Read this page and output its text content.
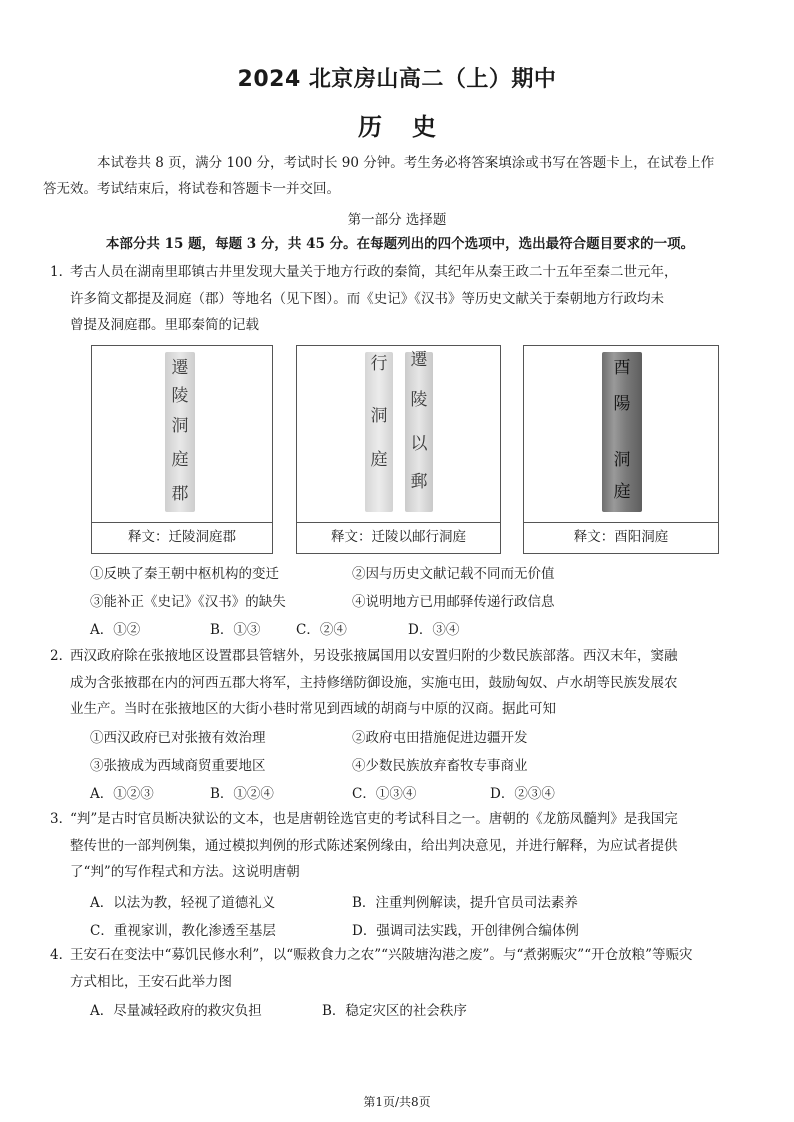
2024 北京房山高二（上）期中
历史
本试卷共 8 页，满分 100 分，考试时长 90 分钟。考生务必将答案填涂或书写在答题卡上，在试卷上作
答无效。考试结束后，将试卷和答题卡一并交回。
第一部分 选择题
本部分共 15 题，每题 3 分，共 45 分。在每题列出的四个选项中，选出最符合题目要求的一项。
1．
考古人员在湖南里耶镇古井里发现大量关于地方行政的秦简，其纪年从秦王政二十五年至秦二世元年，
许多简文都提及洞庭（郡）等地名（见下图）。而《史记》《汉书》等历史文献关于秦朝地方行政均未
曾提及洞庭郡。里耶秦简的记载
遷
陵
洞
庭
郡
释文：迁陵洞庭郡
行
洞
庭
遷
陵
以
郵
释文：迁陵以邮行洞庭
酉
陽
洞
庭
释文：酉阳洞庭
①反映了秦王朝中枢机构的变迁	②因与历史文献记载不同而无价值
③能补正《史记》《汉书》的缺失	④说明地方已用邮驿传递行政信息
A．①②	B．①③	C．②④	D．③④
2．
西汉政府除在张掖地区设置郡县管辖外，另设张掖属国用以安置归附的少数民族部落。西汉末年，窦融
成为含张掖郡在内的河西五郡大将军，主持修缮防御设施，实施屯田，鼓励匈奴、卢水胡等民族发展农
业生产。当时在张掖地区的大街小巷时常见到西域的胡商与中原的汉商。据此可知
①西汉政府已对张掖有效治理	②政府屯田措施促进边疆开发
③张掖成为西域商贸重要地区	④少数民族放弃畜牧专事商业
A．①②③	B．①②④	C．①③④	D．②③④
3．
“判”是古时官员断决狱讼的文本，也是唐朝铨选官吏的考试科目之一。唐朝的《龙筋凤髓判》是我国完
整传世的一部判例集，通过模拟判例的形式陈述案例缘由，给出判决意见，并进行解释，为应试者提供
了“判”的写作程式和方法。这说明唐朝
A．以法为教，轻视了道德礼义	B．注重判例解读，提升官员司法素养
C．重视家训，教化渗透至基层	D．强调司法实践，开创律例合编体例
4．
王安石在变法中“募饥民修水利”，以“赈救食力之农”“兴陂塘沟港之废”。与“煮粥赈灾”“开仓放粮”等赈灾
方式相比，王安石此举力图
A．尽量减轻政府的救灾负担	B．稳定灾区的社会秩序
第1页/共8页
